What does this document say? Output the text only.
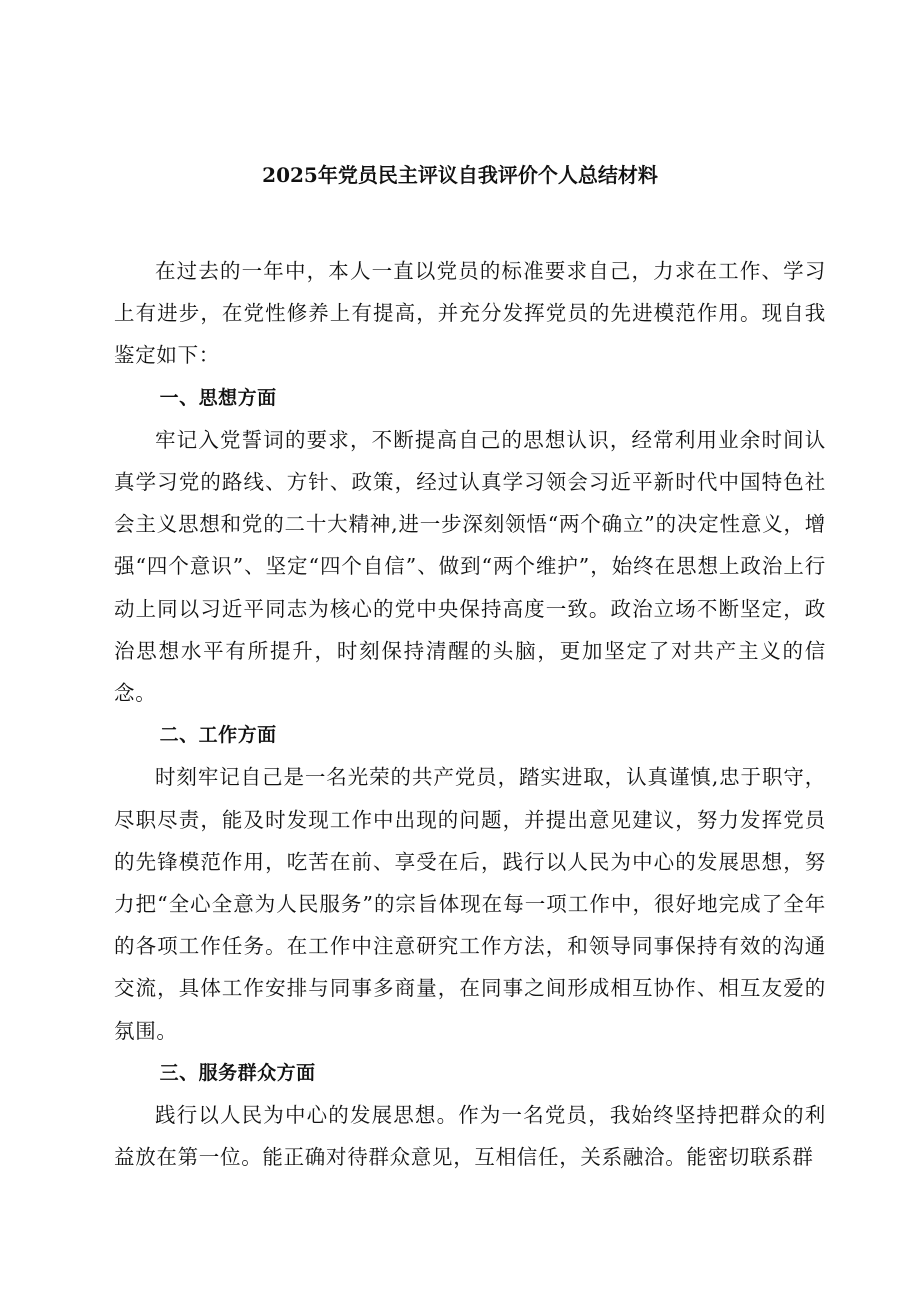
2025年党员民主评议自我评价个人总结材料

在过去的一年中，本人一直以党员的标准要求自己，力求在工作、学习上有进步，在党性修养上有提高，并充分发挥党员的先进模范作用。现自我鉴定如下：

一、思想方面

牢记入党誓词的要求，不断提高自己的思想认识，经常利用业余时间认真学习党的路线、方针、政策，经过认真学习领会习近平新时代中国特色社会主义思想和党的二十大精神,进一步深刻领悟“两个确立”的决定性意义，增强“四个意识”、坚定“四个自信”、做到“两个维护”，始终在思想上政治上行动上同以习近平同志为核心的党中央保持高度一致。政治立场不断坚定，政治思想水平有所提升，时刻保持清醒的头脑，更加坚定了对共产主义的信念。

二、工作方面

时刻牢记自己是一名光荣的共产党员，踏实进取，认真谨慎,忠于职守，尽职尽责，能及时发现工作中出现的问题，并提出意见建议，努力发挥党员的先锋模范作用，吃苦在前、享受在后，践行以人民为中心的发展思想，努力把“全心全意为人民服务”的宗旨体现在每一项工作中，很好地完成了全年的各项工作任务。在工作中注意研究工作方法，和领导同事保持有效的沟通交流，具体工作安排与同事多商量，在同事之间形成相互协作、相互友爱的氛围。

三、服务群众方面

践行以人民为中心的发展思想。作为一名党员，我始终坚持把群众的利益放在第一位。能正确对待群众意见，互相信任，关系融洽。能密切联系群
